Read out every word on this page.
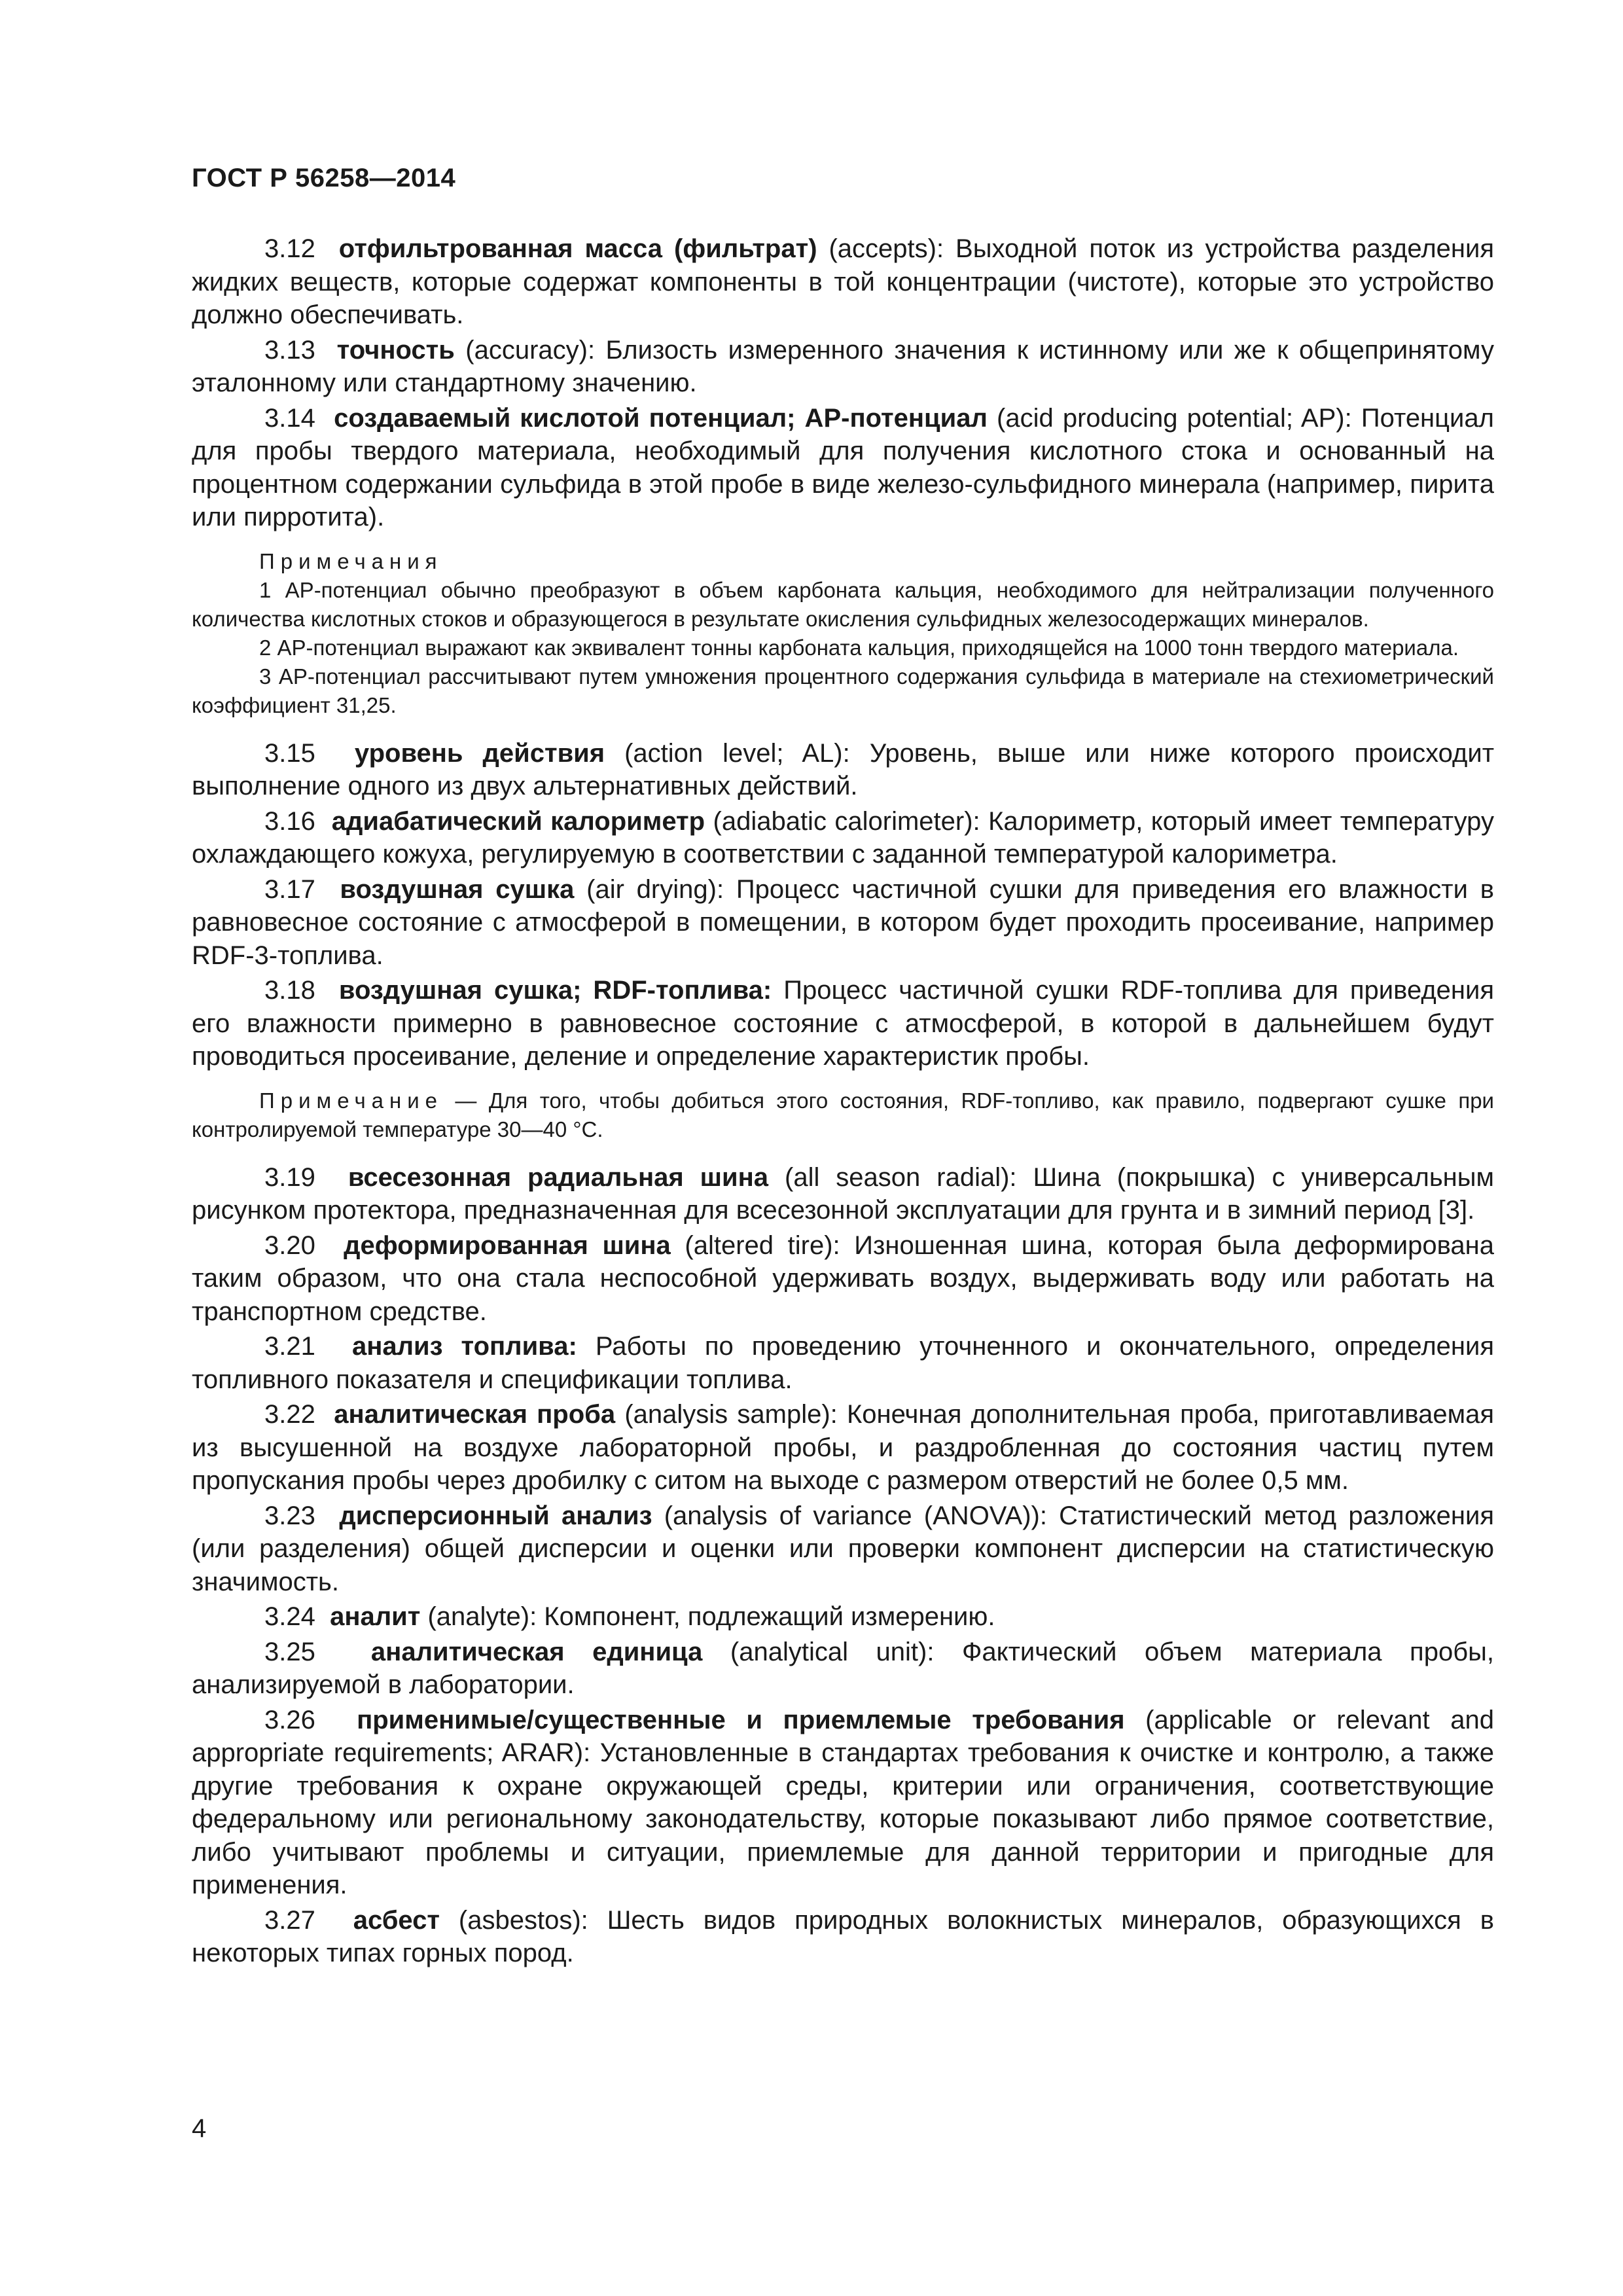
ГОСТ Р 56258—2014

3.12 отфильтрованная масса (фильтрат) (accepts): Выходной поток из устройства разделения жидких веществ, которые содержат компоненты в той концентрации (чистоте), которые это устройство должно обеспечивать.

3.13 точность (accuracy): Близость измеренного значения к истинному или же к общепринятому эталонному или стандартному значению.

3.14 создаваемый кислотой потенциал; АР-потенциал (acid producing potential; AP): Потенциал для пробы твердого материала, необходимый для получения кислотного стока и основанный на процентном содержании сульфида в этой пробе в виде железо-сульфидного минерала (например, пирита или пирротита).

Примечания
1 АР-потенциал обычно преобразуют в объем карбоната кальция, необходимого для нейтрализации полученного количества кислотных стоков и образующегося в результате окисления сульфидных железосодержащих минералов.
2 АР-потенциал выражают как эквивалент тонны карбоната кальция, приходящейся на 1000 тонн твердого материала.
3 АР-потенциал рассчитывают путем умножения процентного содержания сульфида в материале на стехиометрический коэффициент 31,25.

3.15 уровень действия (action level; AL): Уровень, выше или ниже которого происходит выполнение одного из двух альтернативных действий.

3.16 адиабатический калориметр (adiabatic calorimeter): Калориметр, который имеет температуру охлаждающего кожуха, регулируемую в соответствии с заданной температурой калориметра.

3.17 воздушная сушка (air drying): Процесс частичной сушки для приведения его влажности в равновесное состояние с атмосферой в помещении, в котором будет проходить просеивание, например RDF-3-топлива.

3.18 воздушная сушка; RDF-топлива: Процесс частичной сушки RDF-топлива для приведения его влажности примерно в равновесное состояние с атмосферой, в которой в дальнейшем будут проводиться просеивание, деление и определение характеристик пробы.

Примечание — Для того, чтобы добиться этого состояния, RDF-топливо, как правило, подвергают сушке при контролируемой температуре 30—40 °С.

3.19 всесезонная радиальная шина (all season radial): Шина (покрышка) с универсальным рисунком протектора, предназначенная для всесезонной эксплуатации для грунта и в зимний период [3].

3.20 деформированная шина (altered tire): Изношенная шина, которая была деформирована таким образом, что она стала неспособной удерживать воздух, выдерживать воду или работать на транспортном средстве.

3.21 анализ топлива: Работы по проведению уточненного и окончательного, определения топливного показателя и спецификации топлива.

3.22 аналитическая проба (analysis sample): Конечная дополнительная проба, приготавливаемая из высушенной на воздухе лабораторной пробы, и раздробленная до состояния частиц путем пропускания пробы через дробилку с ситом на выходе с размером отверстий не более 0,5 мм.

3.23 дисперсионный анализ (analysis of variance (ANOVA)): Статистический метод разложения (или разделения) общей дисперсии и оценки или проверки компонент дисперсии на статистическую значимость.

3.24 аналит (analyte): Компонент, подлежащий измерению.

3.25 аналитическая единица (analytical unit): Фактический объем материала пробы, анализируемой в лаборатории.

3.26 применимые/существенные и приемлемые требования (applicable or relevant and appropriate requirements; ARAR): Установленные в стандартах требования к очистке и контролю, а также другие требования к охране окружающей среды, критерии или ограничения, соответствующие федеральному или региональному законодательству, которые показывают либо прямое соответствие, либо учитывают проблемы и ситуации, приемлемые для данной территории и пригодные для применения.

3.27 асбест (asbestos): Шесть видов природных волокнистых минералов, образующихся в некоторых типах горных пород.

4
